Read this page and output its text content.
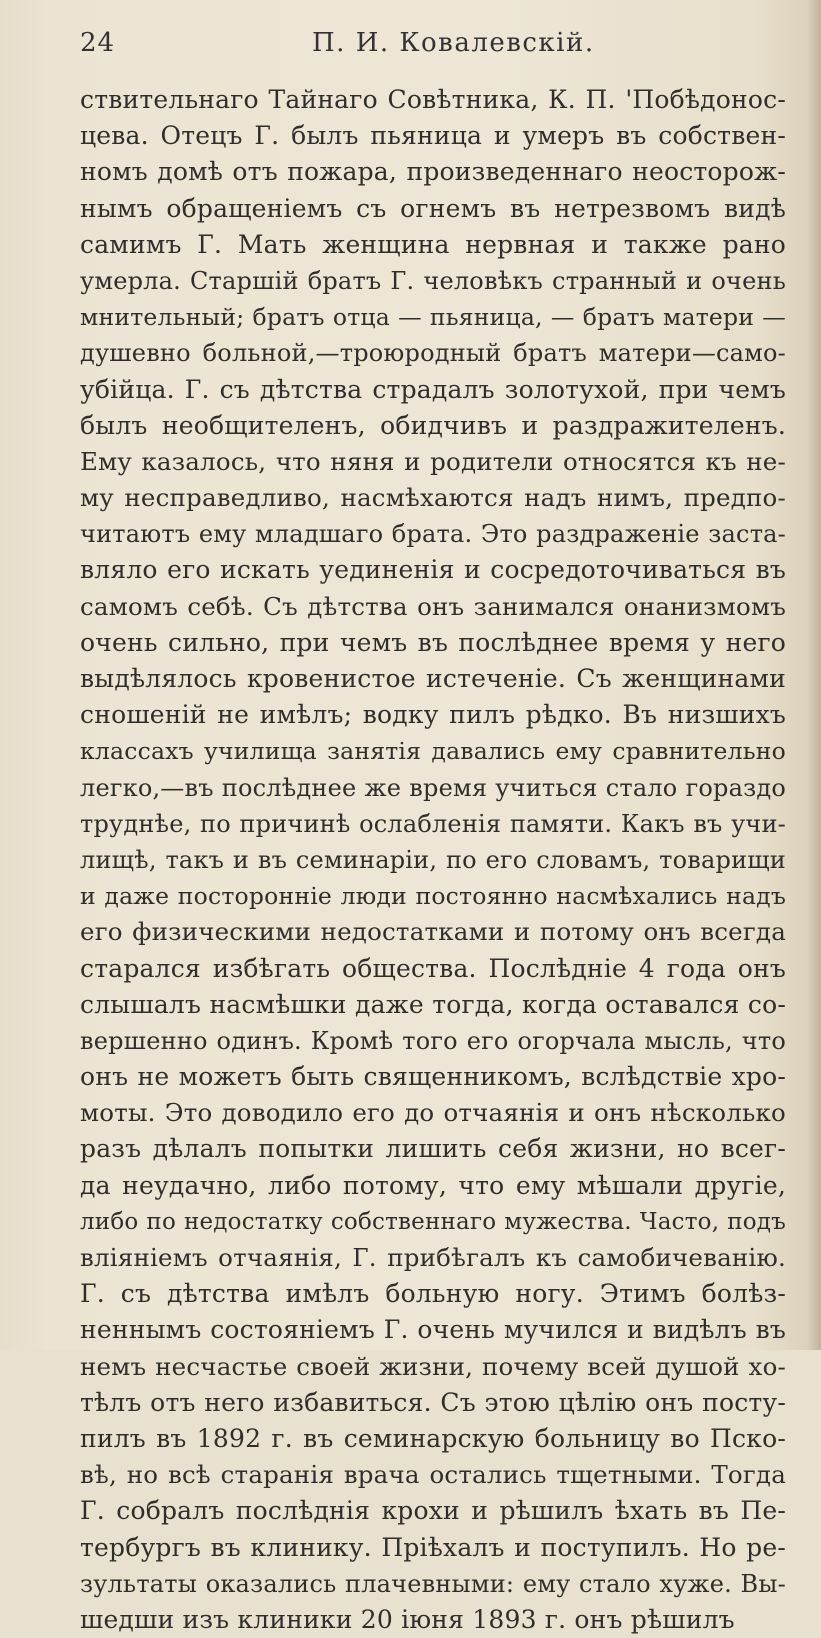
24	П. И. Ковалевскій.
ствительнаго Тайнаго Совѣтника, К. П. 'Побѣдонос-
цева. Отецъ Г. былъ пьяница и умеръ въ собствен-
номъ домѣ отъ пожара, произведеннаго неосторож-
нымъ обращеніемъ съ огнемъ въ нетрезвомъ видѣ
самимъ Г. Мать женщина нервная и также рано
умерла. Старшій братъ Г. человѣкъ странный и очень
мнительный; братъ отца — пьяница, — братъ матери —
душевно больной,—троюродный братъ матери—само-
убійца. Г. съ дѣтства страдалъ золотухой, при чемъ
былъ необщителенъ, обидчивъ и раздражителенъ.
Ему казалось, что няня и родители относятся къ не-
му несправедливо, насмѣхаются надъ нимъ, предпо-
читаютъ ему младшаго брата. Это раздраженіе заста-
вляло его искать уединенія и сосредоточиваться въ
самомъ себѣ. Съ дѣтства онъ занимался онанизмомъ
очень сильно, при чемъ въ послѣднее время у него
выдѣлялось кровенистое истеченіе. Съ женщинами
сношеній не имѣлъ; водку пилъ рѣдко. Въ низшихъ
классахъ училища занятія давались ему сравнительно
легко,—въ послѣднее же время учиться стало гораздо
труднѣе, по причинѣ ослабленія памяти. Какъ въ учи-
лищѣ, такъ и въ семинаріи, по его словамъ, товарищи
и даже посторонніе люди постоянно насмѣхались надъ
его физическими недостатками и потому онъ всегда
старался избѣгать общества. Послѣдніе 4 года онъ
слышалъ насмѣшки даже тогда, когда оставался со-
вершенно одинъ. Кромѣ того его огорчала мысль, что
онъ не можетъ быть священникомъ, вслѣдствіе хро-
моты. Это доводило его до отчаянія и онъ нѣсколько
разъ дѣлалъ попытки лишить себя жизни, но всег-
да неудачно, либо потому, что ему мѣшали другіе,
либо по недостатку собственнаго мужества. Часто, подъ
вліяніемъ отчаянія, Г. прибѣгалъ къ самобичеванію.
Г. съ дѣтства имѣлъ больную ногу. Этимъ болѣз-
неннымъ состояніемъ Г. очень мучился и видѣлъ въ
немъ несчастье своей жизни, почему всей душой хо-
тѣлъ отъ него избавиться. Съ этою цѣлію онъ посту-
пилъ въ 1892 г. въ семинарскую больницу во Пско-
вѣ, но всѣ старанія врача остались тщетными. Тогда
Г. собралъ послѣднія крохи и рѣшилъ ѣхать въ Пе-
тербургъ въ клинику. Пріѣхалъ и поступилъ. Но ре-
зультаты оказались плачевными: ему стало хуже. Вы-
шедши изъ клиники 20 іюня 1893 г. онъ рѣшилъ
